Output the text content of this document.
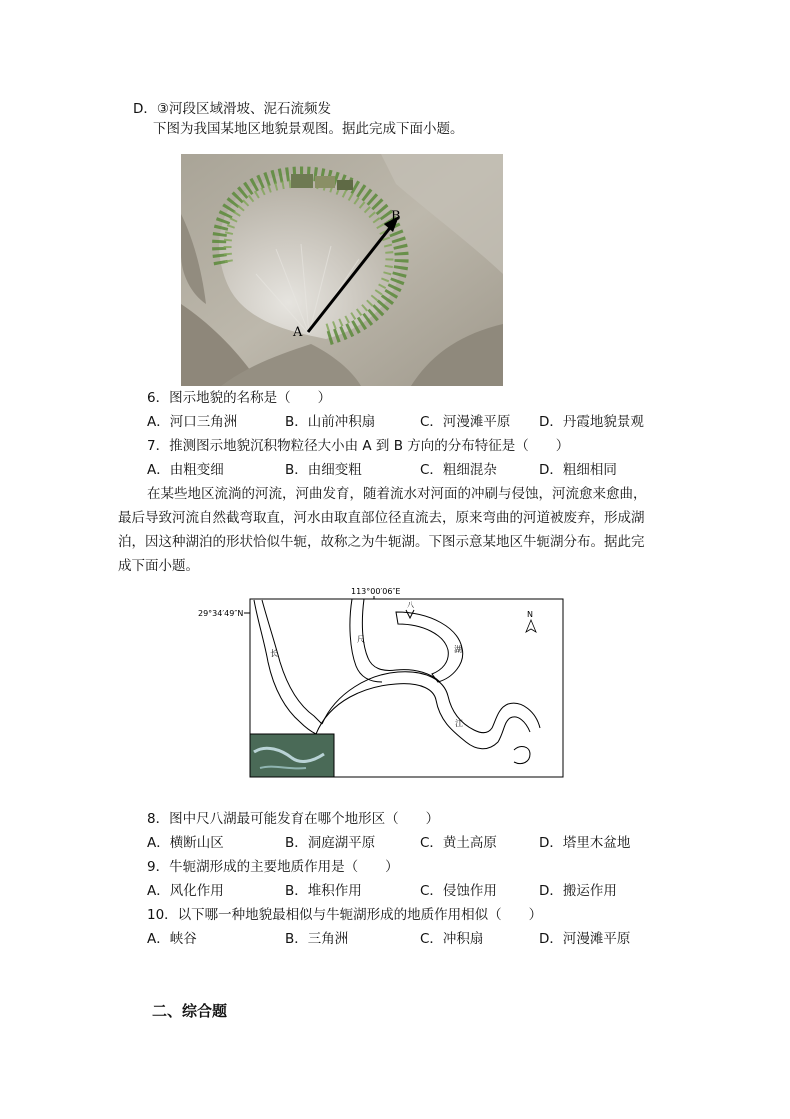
D．③河段区域滑坡、泥石流频发
下图为我国某地区地貌景观图。据此完成下面小题。
A
B
6．图示地貌的名称是（　　）
A．河口三角洲	B．山前冲积扇	C．河漫滩平原 D．丹霞地貌景观
7．推测图示地貌沉积物粒径大小由 A 到 B 方向的分布特征是（　　）
A．由粗变细	B．由细变粗	C．粗细混杂	D．粗细相同
在某些地区流淌的河流，河曲发育，随着流水对河面的冲刷与侵蚀，河流愈来愈曲，
最后导致河流自然截弯取直，河水由取直部位径直流去，原来弯曲的河道被废弃，形成湖
泊，因这种湖泊的形状恰似牛轭，故称之为牛轭湖。下图示意某地区牛轭湖分布。据此完
成下面小题。
113°00′06″E
29°34′49″N
长
江
尺
湖
八
N
8．图中尺八湖最可能发育在哪个地形区（　　）
A．横断山区	B．洞庭湖平原	C．黄土高原	D．塔里木盆地
9．牛轭湖形成的主要地质作用是（　　）
A．风化作用	B．堆积作用	C．侵蚀作用	D．搬运作用
10．以下哪一种地貌最相似与牛轭湖形成的地质作用相似（　　）
A．峡谷	B．三角洲	C．冲积扇	D．河漫滩平原
二、综合题
